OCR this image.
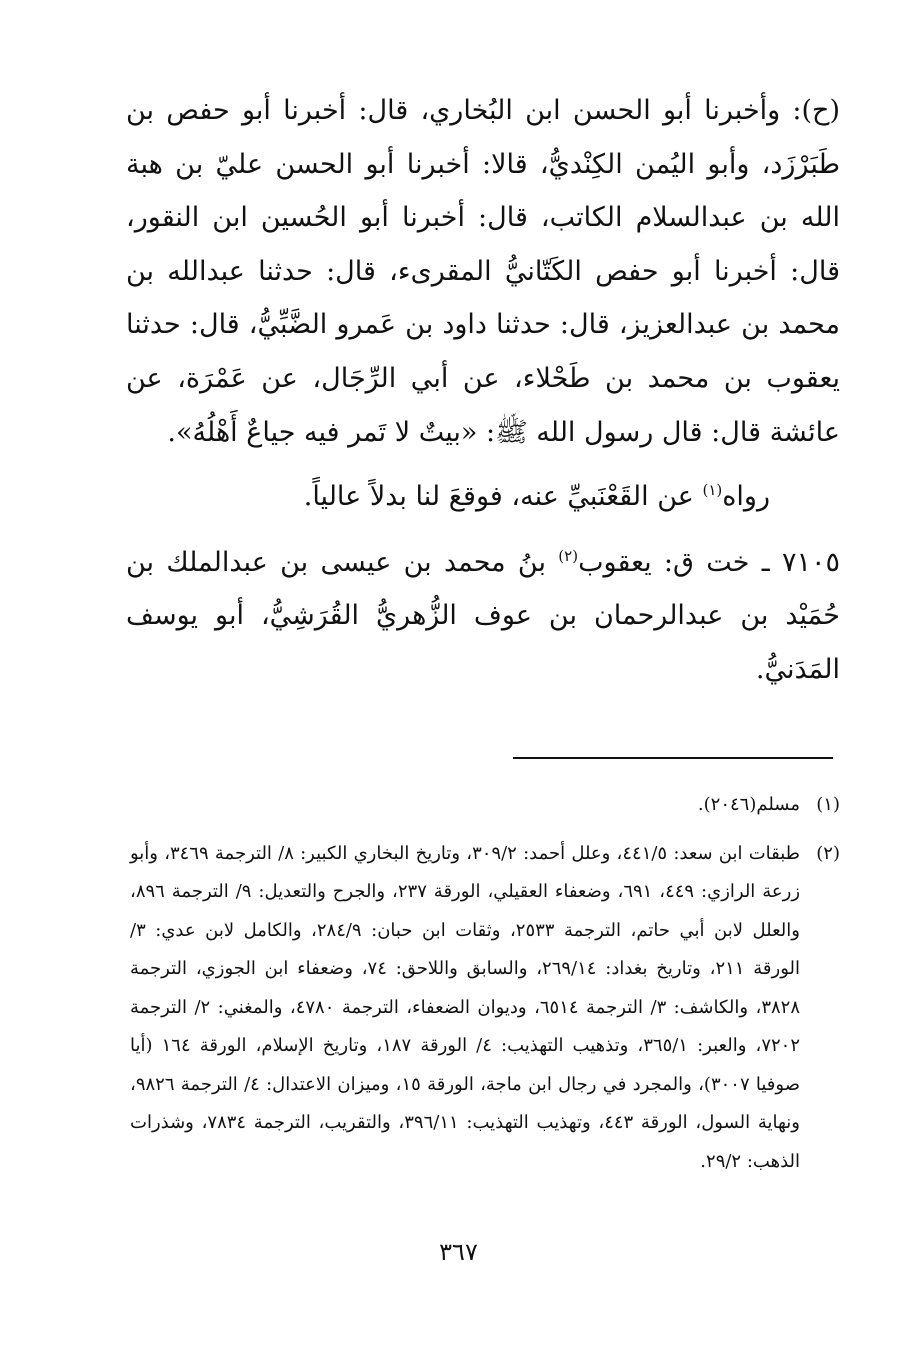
(ح): وأخبرنا أبو الحسن ابن البُخاري، قال: أخبرنا أبو حفص بن طَبَرْزَد، وأبو اليُمن الكِنْديُّ، قالا: أخبرنا أبو الحسن عليّ بن هبة الله بن عبدالسلام الكاتب، قال: أخبرنا أبو الحُسين ابن النقور، قال: أخبرنا أبو حفص الكَتّانيُّ المقرىء، قال: حدثنا عبدالله بن محمد بن عبدالعزيز، قال: حدثنا داود بن عَمرو الضَّبِّيُّ، قال: حدثنا يعقوب بن محمد بن طَحْلاء، عن أبي الرِّجَال، عن عَمْرَة، عن عائشة قال: قال رسول الله ﷺ: «بيتٌ لا تَمر فيه جياعٌ أَهْلُهُ».

رواه$^{(١)}$ عن القَعْنَبيِّ عنه، فوقعَ لنا بدلاً عالياً.

٧١٠٥ ـ خت ق: يعقوب$^{(٢)}$ بنُ محمد بن عيسى بن عبدالملك بن حُمَيْد بن عبدالرحمان بن عوف الزُّهريُّ القُرَشِيُّ، أبو يوسف المَدَنيُّ.

(١)
مسلم(٢٠٤٦).
(٢)
طبقات ابن سعد: ٤٤١/٥، وعلل أحمد: ٣٠٩/٢، وتاريخ البخاري الكبير: ٨/ الترجمة ٣٤٦٩، وأبو زرعة الرازي: ٤٤٩، ٦٩١، وضعفاء العقيلي، الورقة ٢٣٧، والجرح والتعديل: ٩/ الترجمة ٨٩٦، والعلل لابن أبي حاتم، الترجمة ٢٥٣٣، وثقات ابن حبان: ٢٨٤/٩، والكامل لابن عدي: ٣/ الورقة ٢١١، وتاريخ بغداد: ٢٦٩/١٤، والسابق واللاحق: ٧٤، وضعفاء ابن الجوزي، الترجمة ٣٨٢٨، والكاشف: ٣/ الترجمة ٦٥١٤، وديوان الضعفاء، الترجمة ٤٧٨٠، والمغني: ٢/ الترجمة ٧٢٠٢، والعبر: ٣٦٥/١، وتذهيب التهذيب: ٤/ الورقة ١٨٧، وتاريخ الإسلام، الورقة ١٦٤ (أيا صوفيا ٣٠٠٧)، والمجرد في رجال ابن ماجة، الورقة ١٥، وميزان الاعتدال: ٤/ الترجمة ٩٨٢٦، ونهاية السول، الورقة ٤٤٣، وتهذيب التهذيب: ٣٩٦/١١، والتقريب، الترجمة ٧٨٣٤، وشذرات الذهب: ٢٩/٢.
٣٦٧
